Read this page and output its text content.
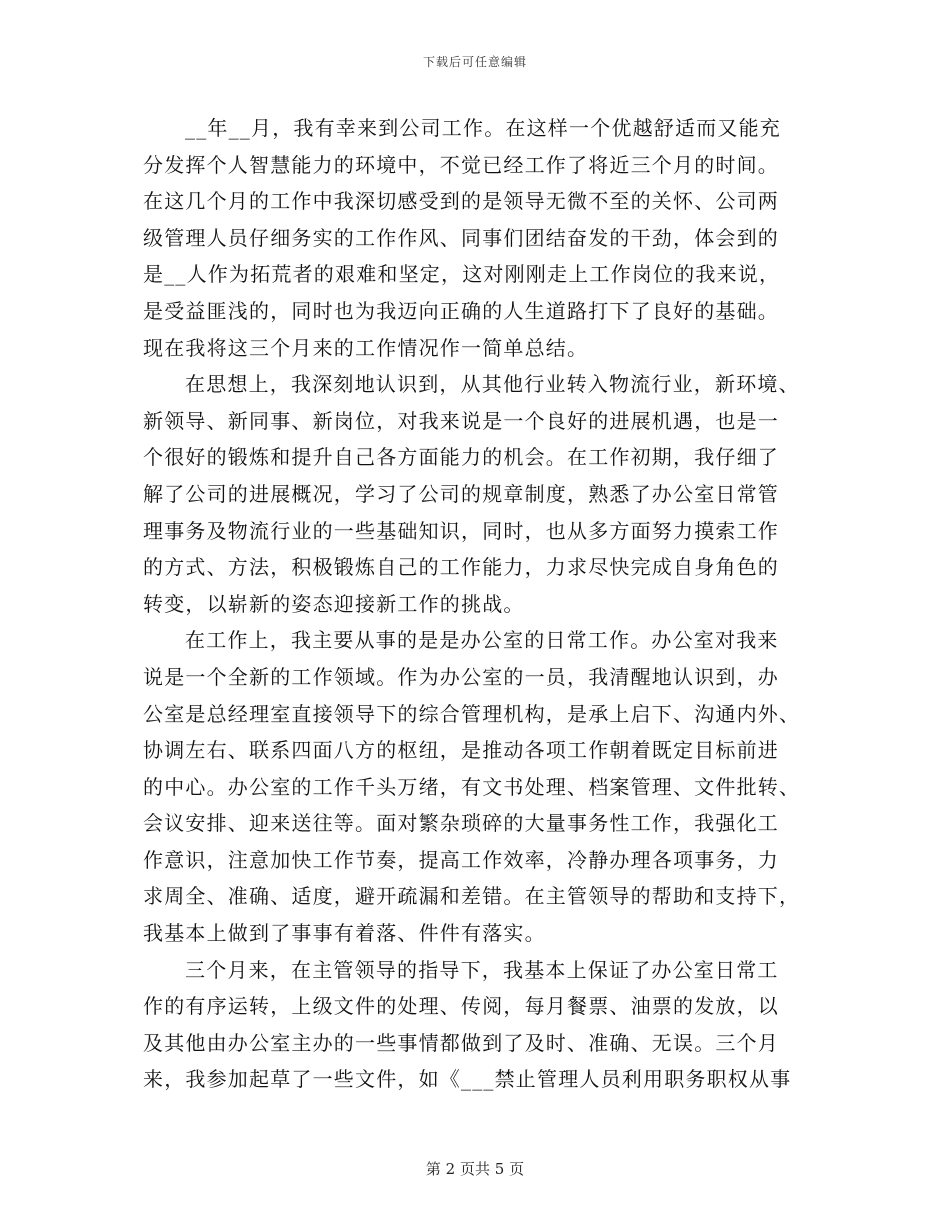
下载后可任意编辑
__年__月，我有幸来到公司工作。在这样一个优越舒适而又能充
分发挥个人智慧能力的环境中，不觉已经工作了将近三个月的时间。
在这几个月的工作中我深切感受到的是领导无微不至的关怀、公司两
级管理人员仔细务实的工作作风、同事们团结奋发的干劲，体会到的
是__人作为拓荒者的艰难和坚定，这对刚刚走上工作岗位的我来说，
是受益匪浅的，同时也为我迈向正确的人生道路打下了良好的基础。
现在我将这三个月来的工作情况作一简单总结。
在思想上，我深刻地认识到，从其他行业转入物流行业，新环境、
新领导、新同事、新岗位，对我来说是一个良好的进展机遇，也是一
个很好的锻炼和提升自己各方面能力的机会。在工作初期，我仔细了
解了公司的进展概况，学习了公司的规章制度，熟悉了办公室日常管
理事务及物流行业的一些基础知识，同时，也从多方面努力摸索工作
的方式、方法，积极锻炼自己的工作能力，力求尽快完成自身角色的
转变，以崭新的姿态迎接新工作的挑战。
在工作上，我主要从事的是是办公室的日常工作。办公室对我来
说是一个全新的工作领域。作为办公室的一员，我清醒地认识到，办
公室是总经理室直接领导下的综合管理机构，是承上启下、沟通内外、
协调左右、联系四面八方的枢纽，是推动各项工作朝着既定目标前进
的中心。办公室的工作千头万绪，有文书处理、档案管理、文件批转、
会议安排、迎来送往等。面对繁杂琐碎的大量事务性工作，我强化工
作意识，注意加快工作节奏，提高工作效率，冷静办理各项事务，力
求周全、准确、适度，避开疏漏和差错。在主管领导的帮助和支持下，
我基本上做到了事事有着落、件件有落实。
三个月来，在主管领导的指导下，我基本上保证了办公室日常工
作的有序运转，上级文件的处理、传阅，每月餐票、油票的发放，以
及其他由办公室主办的一些事情都做到了及时、准确、无误。三个月
来，我参加起草了一些文件，如《___禁止管理人员利用职务职权从事
第 2 页共 5 页
